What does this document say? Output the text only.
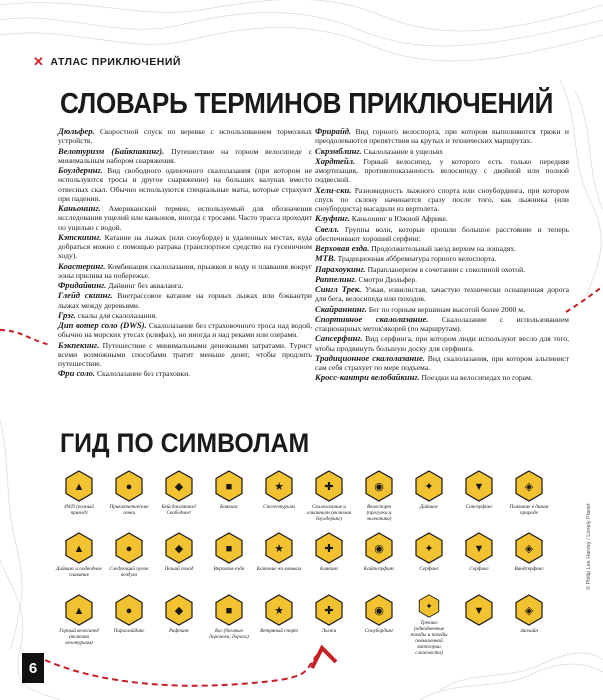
✕ АТЛАС ПРИКЛЮЧЕНИЙ
СЛОВАРЬ ТЕРМИНОВ ПРИКЛЮЧЕНИЙ

Дюльфер. Скоростной спуск по веревке с использованием тормозных устройств.

Велотуризм (Байкпакинг). Путешествие на горном велосипеде с минимальным набором снаряжения.

Боулдеринг. Вид свободного одиночного скалолазания (при котором не используются тросы и другое снаряжение) на больших валунах вместо отвесных скал. Обычно используются специальные маты, которые страхуют при падении.

Каньонинг. Американский термин, используемый для обозначения исследования ущелий или каньонов, иногда с тросами. Часто трасса проходит по ущелью с водой.

Кэтскиинг. Катание на лыжах (или сноуборде) в удаленных местах, куда добраться можно с помощью ратрака (транспортное средство на гусеничном ходу).

Коастеринг. Комбинация скалолазания, прыжков в воду и плавания вокруг зоны прилива на побережье.

Фридайвинг. Дайвинг без акваланга.

Глейд скиинг. Внетрассовое катание на горных лыжах или бэккантри лыжах между деревьями.

Грэг. скалы для скалолазания.

Дип вотер соло (DWS). Скалолазание без страховочного троса над водой, обычно на морских утесах (клифах), но иногда и над реками или озерами.

Бэкпекинг. Путешествие с минимальными денежными затратами. Турист всеми возможными способами тратит меньше денег, чтобы продлить путешествие.

Фри соло. Скалолазание без страховки.

Фрирайд. Вид горного велоспорта, при котором выполняются трюки и преодолеваются препятствия на крутых и технических маршрутах.

Скрэмблинг. Скалолазание в ущельях

Хардтейл. Горный велосипед, у которого есть только передняя амортизация, противопоказанность велосипеду с двойной или полной подвеской.

Хели-ски. Разновидность лыжного спорта или сноубординга, при котором спуск по склону начинается сразу после того, как лыжника (или сноубордиста) высадили из вертолета.

Клуфинг. Каньонинг в Южной Африке.

Свелл. Группы волн, которые прошли большое расстояние и теперь обеспечивают хороший серфинг.

Верховая езда. Продолжительный заезд верхом на лошадях.

MTB. Традиционная аббревиатура горного велоспорта.

Парахоукинг. Парапланеризм в сочетании с соколиной охотой.

Раппелинг. Смотри Дюльфер.

Сингл Трек. Узкая, извилистая, зачастую технически оснащенная дорога для бега, велосипеда или походов.

Скайраннинг. Бег по горным вершинам высотой более 2000 м.

Спортивное скалолазание. Скалолазание с использованием стационарных меток\якорей (по маршрутам).

Сапсерфинг. Вид серфинга, при котором люди используют весло для того, чтобы продвинуть большую доску для серфинга.

Традиционное скалолазание. Вид скалолазания, при котором альпинист сам себя страхует по мере подъема.

Кросс-кантри велобайкинг. Поездки на велосипедах по горам.

ГИД ПО СИМВОЛАМ
▲
4WD (полный привод)
●
Приключенческие гонки
◆
Бейсджампинг! Свободное!
■
Каякинг
★
Спелеотуризм
✚
Скалолазание и альпинизм (включая боулдеринг)
◉
Велоспорт (прогулки и эклектика)
✦
Дайвинг
▼
Сапсерфинг
◈
Плавание в диком природе
▲
Дайвинг и подводное плавание
●
Следующий пучок воздуха
◆
Пеший поход
■
Верховая езда
★
Катание на коньках
✚
Каякинг
◉
Кайтсерфинг
✦
Серфинг
▼
Серфинг
◈
Виндсерфинг
▲
Горный велосипед (включая велотуризм)
●
Параглайдинг
◆
Рафтинг
■
Бег (беговые дорожки, дороги)
★
Ветряный спорт
✚
Лыжи
◉
Сноубординг
✦
Трекинг (однодневные походы и походы повышенной категории сложности)
▼	◈
Зиплайн
© Philip Lee Harvey / Lonely Planet
6
